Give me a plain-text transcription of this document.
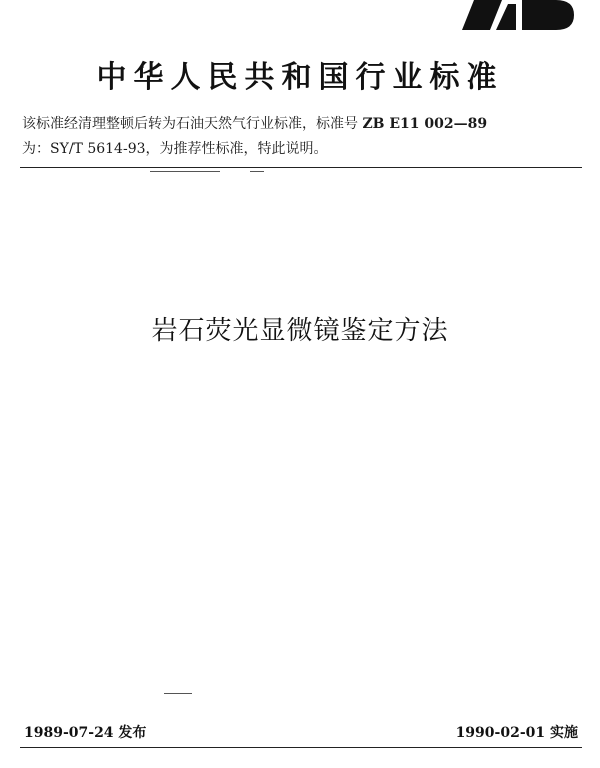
中华人民共和国行业标准
该标准经清理整顿后转为石油天然气行业标准，标准号 ZB E11 002—89
为：SY/T 5614-93，为推荐性标准，特此说明。
岩石荧光显微镜鉴定方法
1989-07-24 发布	1990-02-01 实施
